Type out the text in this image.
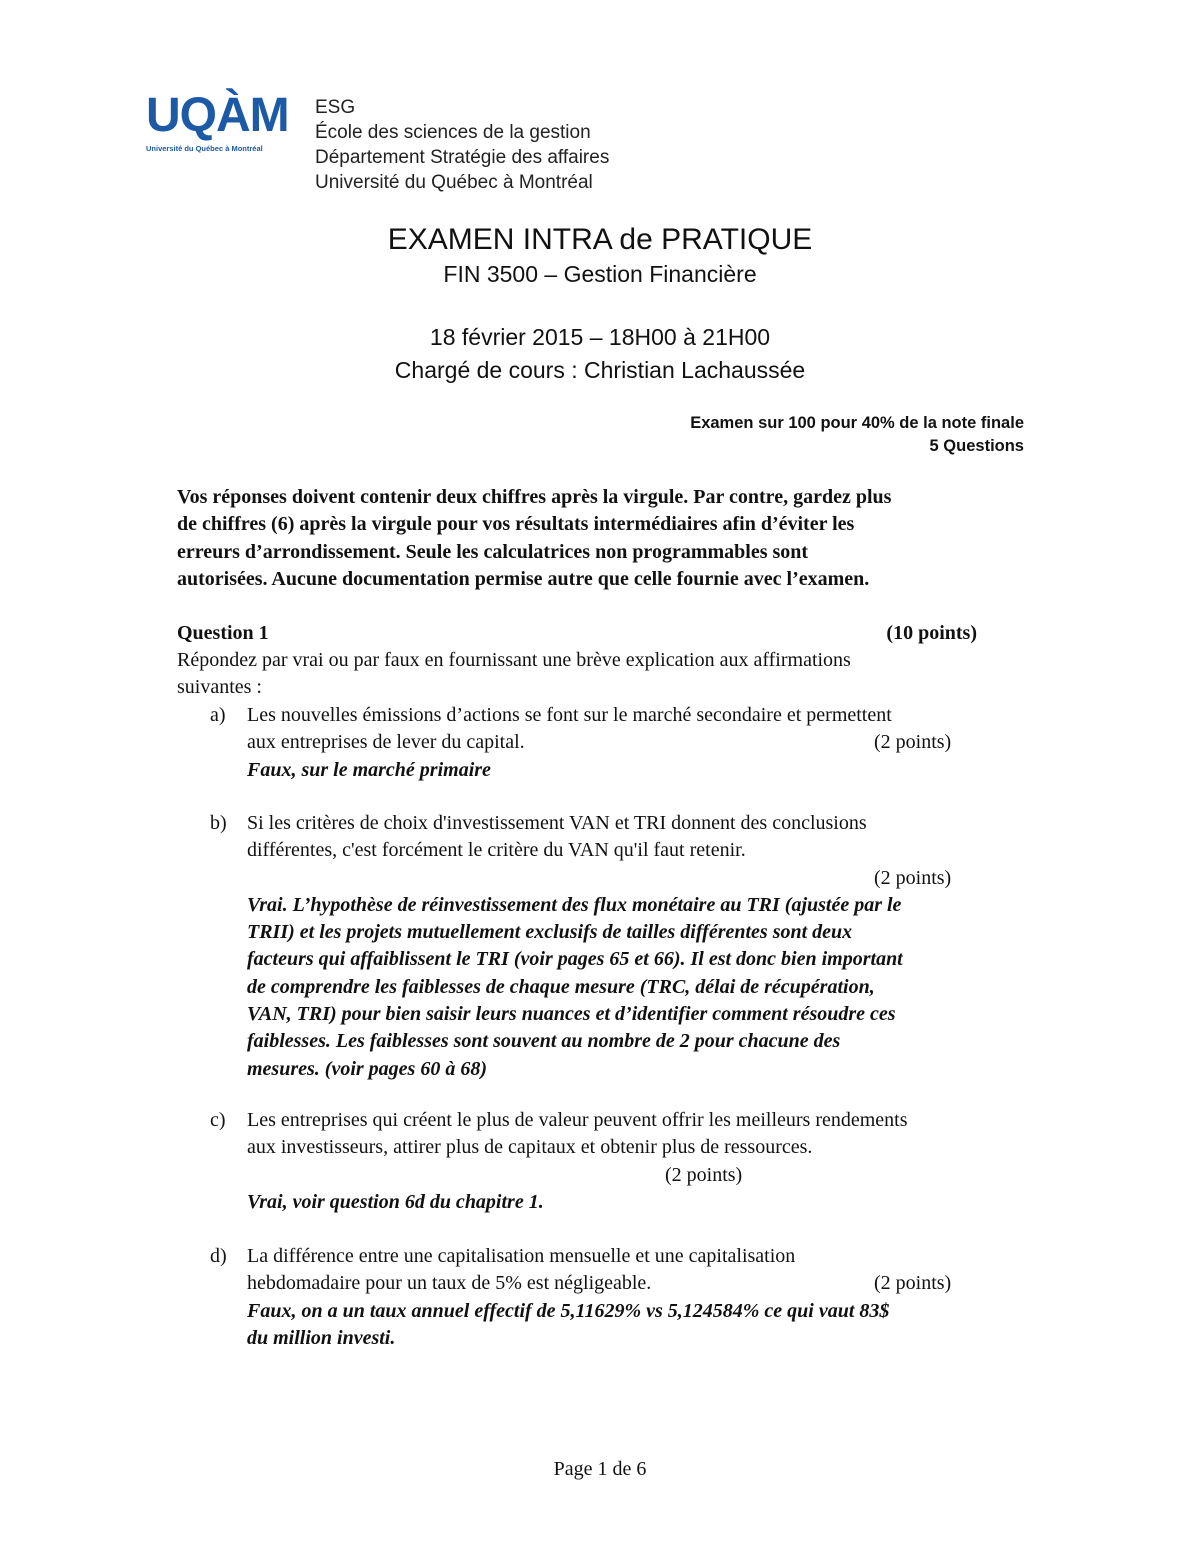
UQÀM
Université du Québec à Montréal
ESG
École des sciences de la gestion
Département Stratégie des affaires
Université du Québec à Montréal
EXAMEN INTRA de PRATIQUE
FIN 3500 – Gestion Financière
18 février 2015 – 18H00 à 21H00
Chargé de cours : Christian Lachaussée
Examen sur 100 pour 40% de la note finale
5 Questions
Vos réponses doivent contenir deux chiffres après la virgule. Par contre, gardez plus
de chiffres (6) après la virgule pour vos résultats intermédiaires afin d’éviter les
erreurs d’arrondissement. Seule les calculatrices non programmables sont
autorisées. Aucune documentation permise autre que celle fournie avec l’examen.
Question 1	(10 points)
Répondez par vrai ou par faux en fournissant une brève explication aux affirmations
suivantes :
a) Les nouvelles émissions d’actions se font sur le marché secondaire et permettent
aux entreprises de lever du capital.	(2 points)
Faux, sur le marché primaire
b) Si les critères de choix d'investissement VAN et TRI donnent des conclusions
différentes, c'est forcément le critère du VAN qu'il faut retenir.
(2 points)
Vrai. L’hypothèse de réinvestissement des flux monétaire au TRI (ajustée par le
TRII) et les projets mutuellement exclusifs de tailles différentes sont deux
facteurs qui affaiblissent le TRI (voir pages 65 et 66). Il est donc bien important
de comprendre les faiblesses de chaque mesure (TRC, délai de récupération,
VAN, TRI) pour bien saisir leurs nuances et d’identifier comment résoudre ces
faiblesses. Les faiblesses sont souvent au nombre de 2 pour chacune des
mesures. (voir pages 60 à 68)
c) Les entreprises qui créent le plus de valeur peuvent offrir les meilleurs rendements
aux investisseurs, attirer plus de capitaux et obtenir plus de ressources.
(2 points)
Vrai, voir question 6d du chapitre 1.
d) La différence entre une capitalisation mensuelle et une capitalisation
hebdomadaire pour un taux de 5% est négligeable.	(2 points)
Faux, on a un taux annuel effectif de 5,11629% vs 5,124584% ce qui vaut 83$
du million investi.
Page 1 de 6
